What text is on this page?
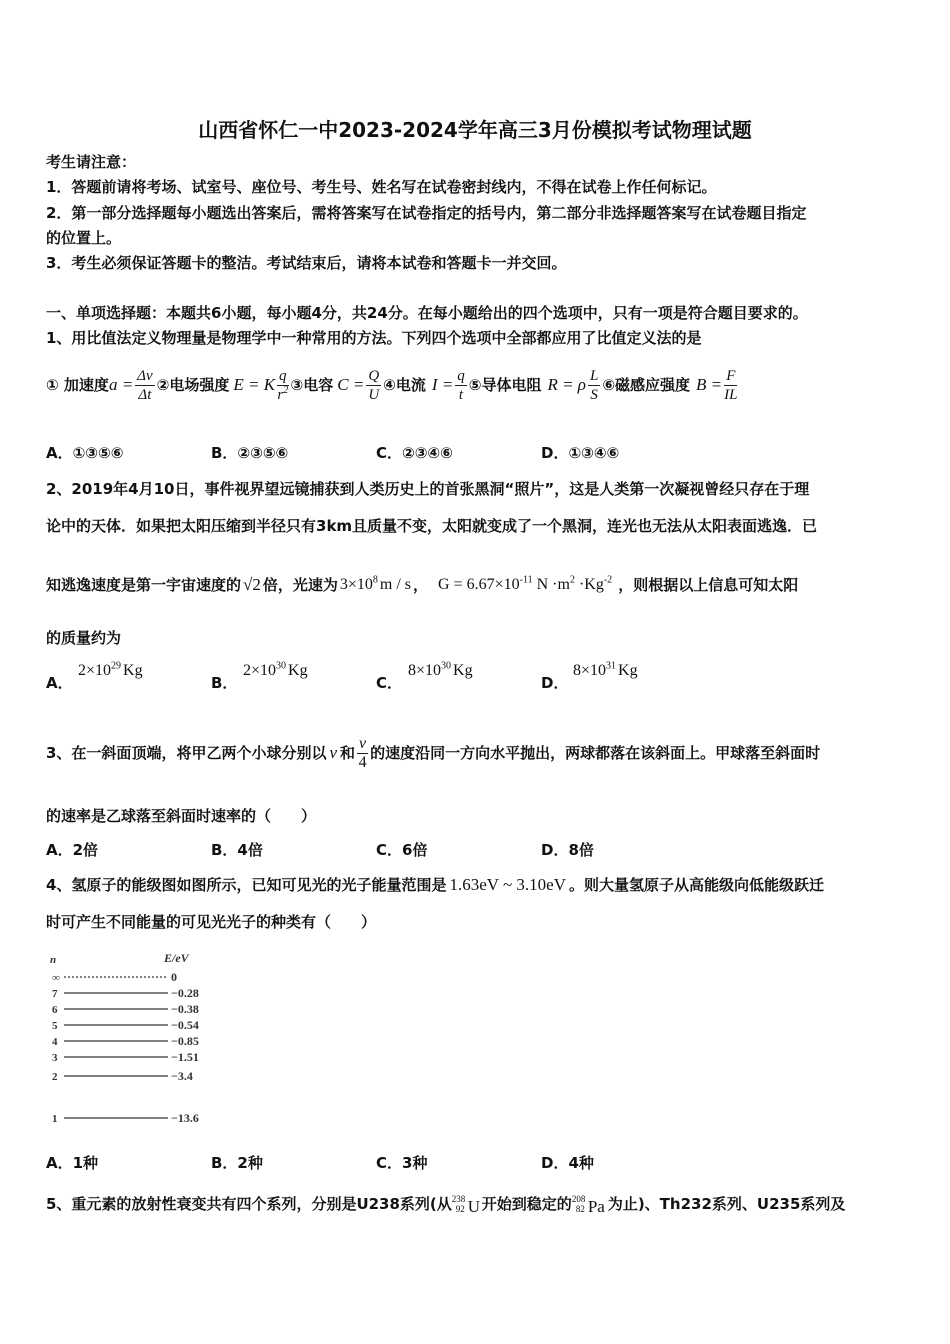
山西省怀仁一中2023-2024学年高三3月份模拟考试物理试题
考生请注意：
1．答题前请将考场、试室号、座位号、考生号、姓名写在试卷密封线内，不得在试卷上作任何标记。
2．第一部分选择题每小题选出答案后，需将答案写在试卷指定的括号内，第二部分非选择题答案写在试卷题目指定
的位置上。
3．考生必须保证答题卡的整洁。考试结束后，请将本试卷和答题卡一并交回。
一、单项选择题：本题共6小题，每小题4分，共24分。在每小题给出的四个选项中，只有一项是符合题目要求的。
1、用比值法定义物理量是物理学中一种常用的方法。下列四个选项中全部都应用了比值定义法的是
① 加速度 $a = \frac{\Delta v}{\Delta t}$ ②电场强度 E = K $\frac{q}{r^2}$ ③电容 $C = \frac{Q}{U}$ ④电流 $I = \frac{q}{t}$ ⑤导体电阻 R = ρ $\frac{L}{S}$ ⑥磁感应强度 $B = \frac{F}{IL}$
A．①③⑤⑥	B．②③⑤⑥	C．②③④⑥	D．①③④⑥
2、2019年4月10日，事件视界望远镜捕获到人类历史上的首张黑洞“照片”，这是人类第一次凝视曾经只存在于理
论中的天体．如果把太阳压缩到半径只有3km且质量不变，太阳就变成了一个黑洞，连光也无法从太阳表面逃逸．已
知逃逸速度是第一宇宙速度的 √2 倍，光速为 $3\times 10^8$ m / s ， $G = 6.67\times 10^{-11}$ $N \cdot m^2 \cdot Kg^{-2}$ ，则根据以上信息可知太阳
的质量约为
A．
$2\times 10^{29}$ Kg
B．
$2\times 10^{30}$ Kg
C．
$8\times 10^{30}$ Kg
D．
$8\times 10^{31}$ Kg
3、在一斜面顶端，将甲乙两个小球分别以 v 和 $\frac{v}{4}$ 的速度沿同一方向水平抛出，两球都落在该斜面上。甲球落至斜面时
的速率是乙球落至斜面时速率的（　　）
A．2倍	B．4倍	C．6倍	D．8倍
4、氢原子的能级图如图所示，已知可见光的光子能量范围是 1.63eV ~ 3.10eV 。则大量氢原子从高能级向低能级跃迁
时可产生不同能量的可见光光子的种类有（　　）
n	E/eV
∞	0
7	−0.28
6	−0.38
5	−0.54
4	−0.85
3	−1.51
2	−3.4
1	−13.6
A．1种	B．2种	C．3种	D．4种
5、重元素的放射性衰变共有四个系列，分别是U238系列(从 238
92 U 开始到稳定的 208
82 Pa 为止)、Th232系列、U235系列及
